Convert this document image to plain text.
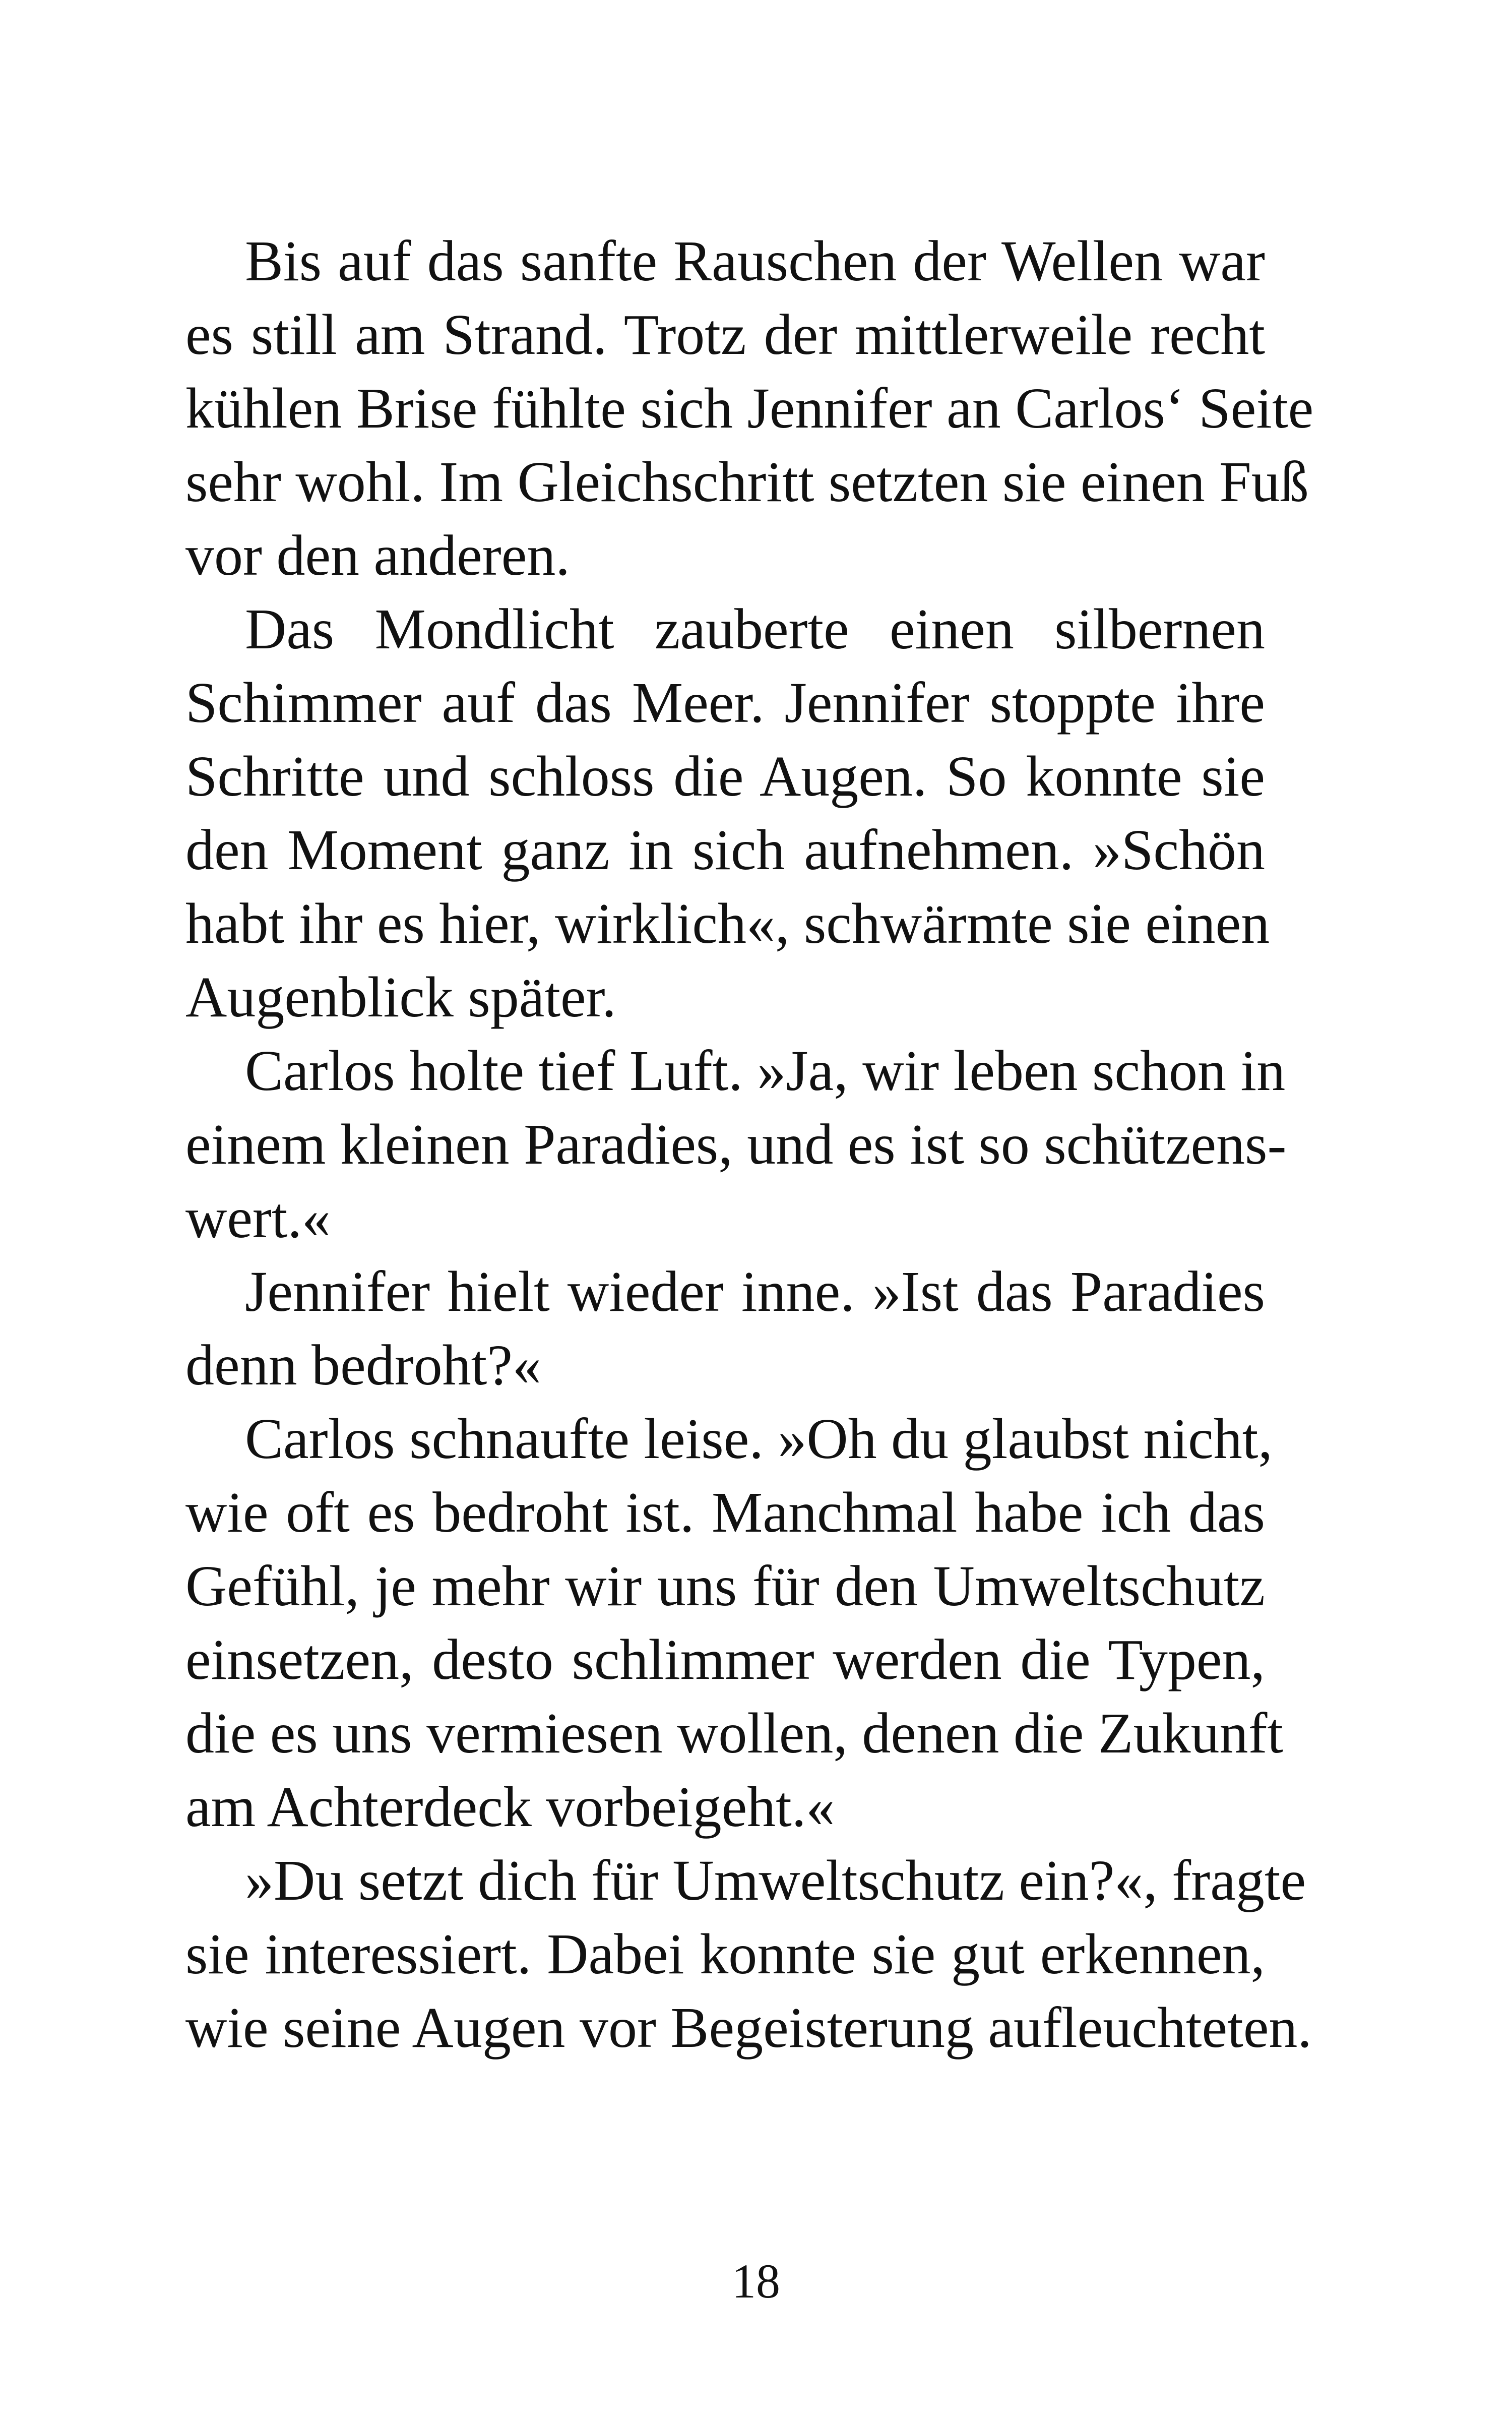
Bis auf das sanfte Rauschen der Wellen war
es still am Strand. Trotz der mittlerweile recht
kühlen Brise fühlte sich Jennifer an Carlos‘ Seite
sehr wohl. Im Gleichschritt setzten sie einen Fuß
vor den anderen.
Das Mondlicht zauberte einen silbernen
Schimmer auf das Meer. Jennifer stoppte ihre
Schritte und schloss die Augen. So konnte sie
den Moment ganz in sich aufnehmen. »Schön
habt ihr es hier, wirklich«, schwärmte sie einen
Augenblick später.
Carlos holte tief Luft. »Ja, wir leben schon in
einem kleinen Paradies, und es ist so schützens-
wert.«
Jennifer hielt wieder inne. »Ist das Paradies
denn bedroht?«
Carlos schnaufte leise. »Oh du glaubst nicht,
wie oft es bedroht ist. Manchmal habe ich das
Gefühl, je mehr wir uns für den Umweltschutz
einsetzen, desto schlimmer werden die Typen,
die es uns vermiesen wollen, denen die Zukunft
am Achterdeck vorbeigeht.«
»Du setzt dich für Umweltschutz ein?«, fragte
sie interessiert. Dabei konnte sie gut erkennen,
wie seine Augen vor Begeisterung aufleuchteten.
18
